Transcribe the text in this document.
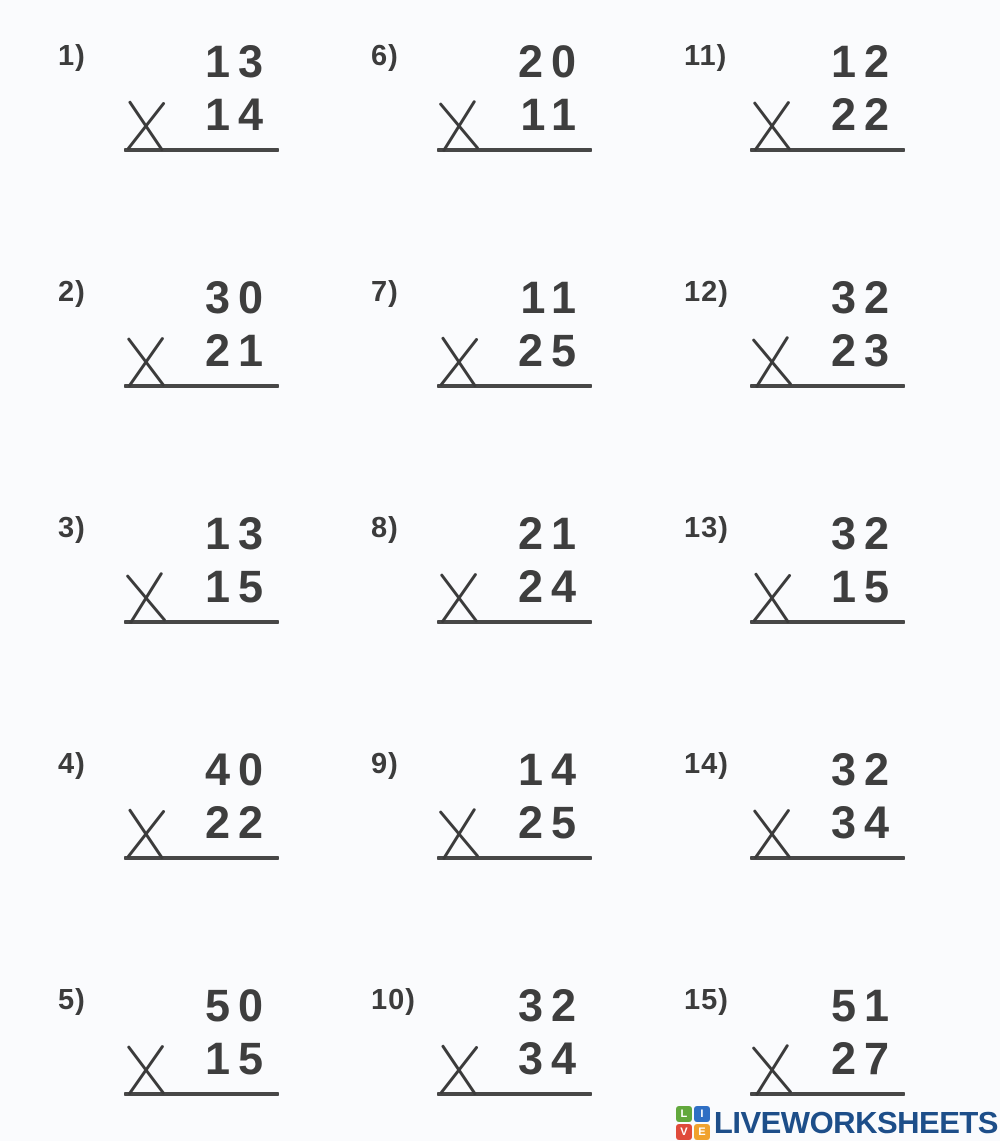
1)	13
14
2)	30
21
3)	13
15
4)	40
22
5)	50
15
6)	20
11
7)	11
25
8)	21
24
9)	14
25
10)	32
34
11)	12
22
12)	32
23
13)	32
15
14)	32
34
15)	51
27
L	I
V E LIVEWORKSHEETS
